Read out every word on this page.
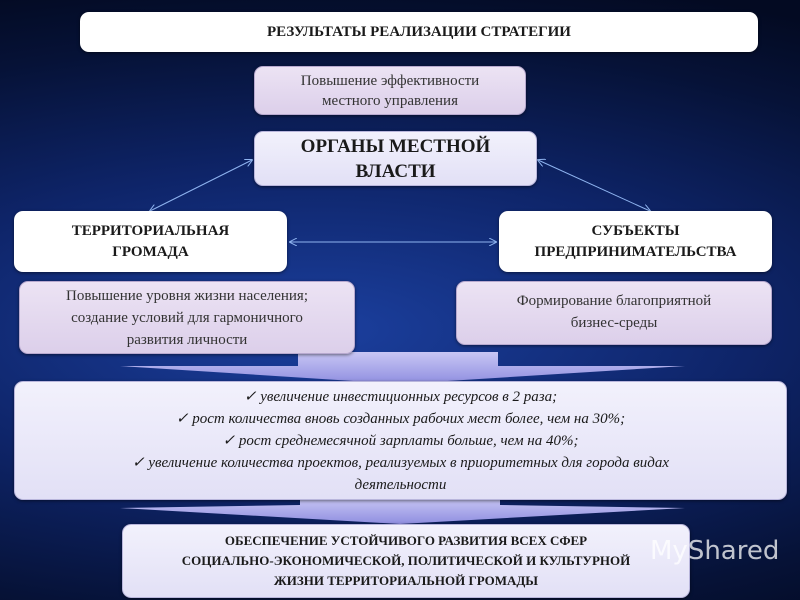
РЕЗУЛЬТАТЫ РЕАЛИЗАЦИИ СТРАТЕГИИ
Повышение эффективности
местного управления
ОРГАНЫ МЕСТНОЙ
ВЛАСТИ
ТЕРРИТОРИАЛЬНАЯ
ГРОМАДА
СУБЪЕКТЫ
ПРЕДПРИНИМАТЕЛЬСТВА
Повышение уровня жизни населения;
создание условий для гармоничного
развития личности
Формирование благоприятной
бизнес-среды
✓ увеличение инвестиционных ресурсов в 2 раза;
✓ рост количества вновь созданных рабочих мест более, чем на 30%;
✓ рост среднемесячной зарплаты больше, чем на 40%;
✓ увеличение количества проектов, реализуемых в приоритетных для города видах
деятельности
ОБЕСПЕЧЕНИЕ УСТОЙЧИВОГО РАЗВИТИЯ ВСЕХ СФЕР
СОЦИАЛЬНО-ЭКОНОМИЧЕСКОЙ, ПОЛИТИЧЕСКОЙ И КУЛЬТУРНОЙ
ЖИЗНИ ТЕРРИТОРИАЛЬНОЙ ГРОМАДЫ
MyShared
